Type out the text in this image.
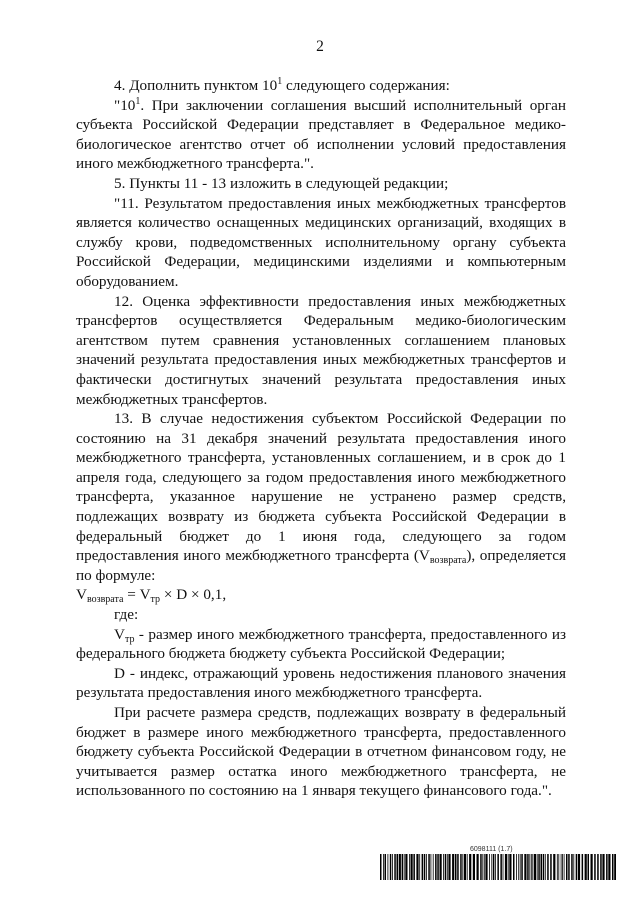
2

4. Дополнить пунктом $10^1$ следующего содержания:

"$10^1$. При заключении соглашения высший исполнительный орган субъекта Российской Федерации представляет в Федеральное медико-биологическое агентство отчет об исполнении условий предоставления иного межбюджетного трансферта.".

5. Пункты 11 - 13 изложить в следующей редакции;

"11. Результатом предоставления иных межбюджетных трансфертов является количество оснащенных медицинских организаций, входящих в службу крови, подведомственных исполнительному органу субъекта Российской Федерации, медицинскими изделиями и компьютерным оборудованием.

12. Оценка эффективности предоставления иных межбюджетных трансфертов осуществляется Федеральным медико-биологическим агентством путем сравнения установленных соглашением плановых значений результата предоставления иных межбюджетных трансфертов и фактически достигнутых значений результата предоставления иных межбюджетных трансфертов.

13. В случае недостижения субъектом Российской Федерации по состоянию на 31 декабря значений результата предоставления иного межбюджетного трансферта, установленных соглашением, и в срок до 1 апреля года, следующего за годом предоставления иного межбюджетного трансферта, указанное нарушение не устранено размер средств, подлежащих возврату из бюджета субъекта Российской Федерации в федеральный бюджет до 1 июня года, следующего за годом предоставления иного межбюджетного трансферта $(V_{возврата})$, определяется по формуле:

$V_{возврата} = V_{тр} \times D \times 0,1$,

где:

$V_{тр}$ - размер иного межбюджетного трансферта, предоставленного из федерального бюджета бюджету субъекта Российской Федерации;

D - индекс, отражающий уровень недостижения планового значения результата предоставления иного межбюджетного трансферта.

При расчете размера средств, подлежащих возврату в федеральный бюджет в размере иного межбюджетного трансферта, предоставленного бюджету субъекта Российской Федерации в отчетном финансовом году, не учитывается размер остатка иного межбюджетного трансферта, не использованного по состоянию на 1 января текущего финансового года.".

6098111 (1.7)
